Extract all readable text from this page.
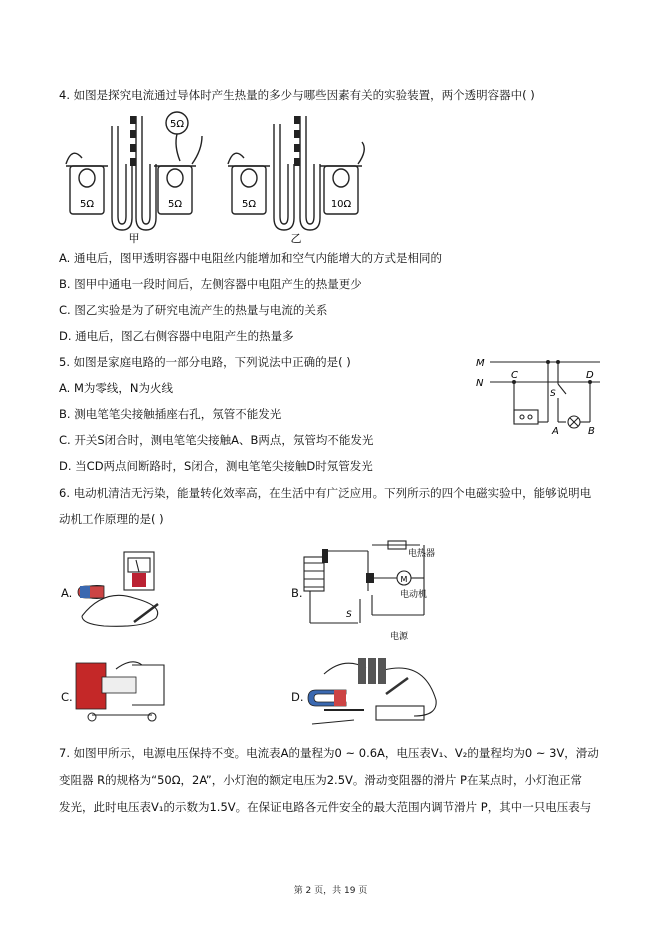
4. 如图是探究电流通过导体时产生热量的多少与哪些因素有关的实验装置，两个透明容器中( )
5Ω
5Ω	5Ω
甲
5Ω	10Ω
乙
A. 通电后，图甲透明容器中电阻丝内能增加和空气内能增大的方式是相同的
B. 图甲中通电一段时间后，左侧容器中电阻产生的热量更少
C. 图乙实验是为了研究电流产生的热量与电流的关系
D. 通电后，图乙右侧容器中电阻产生的热量多
5. 如图是家庭电路的一部分电路，下列说法中正确的是( )
A. M为零线，N为火线
B. 测电笔笔尖接触插座右孔，氖管不能发光
C. 开关S闭合时，测电笔笔尖接触A、B两点，氖管均不能发光
D. 当CD两点间断路时，S闭合，测电笔笔尖接触D时氖管发光
M
N
C	D
S
A	B
6. 电动机清洁无污染，能量转化效率高，在生活中有广泛应用。下列所示的四个电磁实验中，能够说明电
动机工作原理的是( )
A.	B.
M
电热器
电动机
电源
S
C.	D.
7. 如图甲所示，电源电压保持不变。电流表A的量程为0 ~ 0.6A，电压表V₁、V₂的量程均为0 ~ 3V，滑动
变阻器 R的规格为“50Ω，2A”，小灯泡的额定电压为2.5V。滑动变阻器的滑片 P在某点时，小灯泡正常
发光，此时电压表V₁的示数为1.5V。在保证电路各元件安全的最大范围内调节滑片 P，其中一只电压表与
第 2 页，共 19 页
